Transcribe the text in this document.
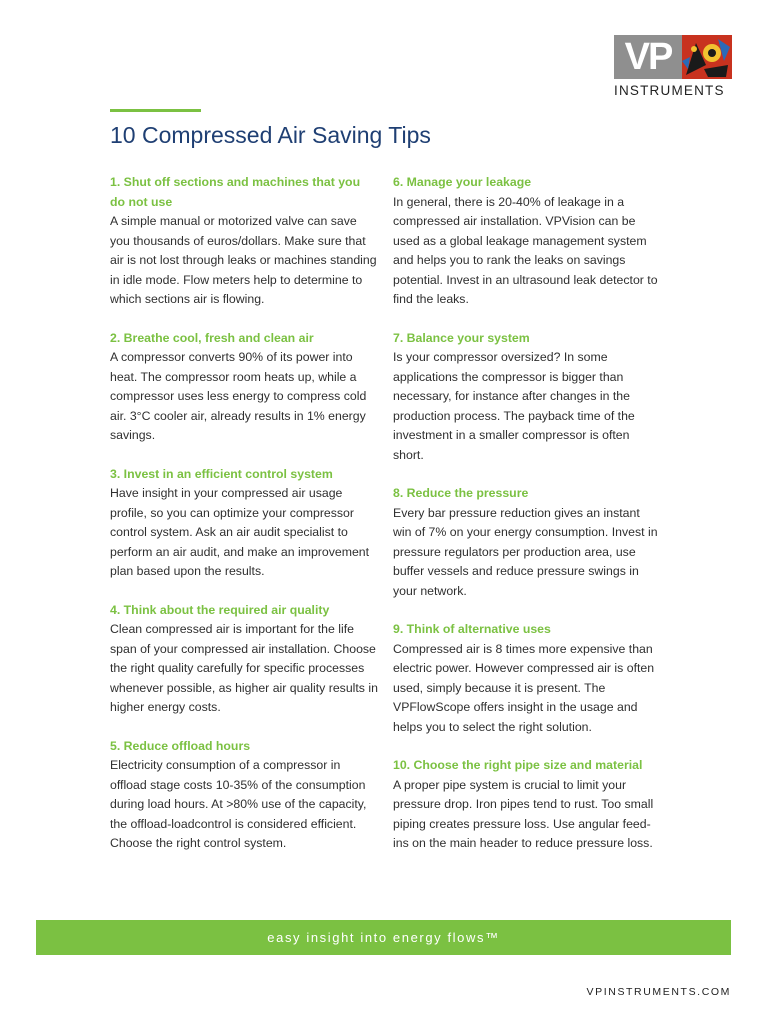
VP
INSTRUMENTS
10 Compressed Air Saving Tips
1. Shut off sections and machines that you do not use

A simple manual or motorized valve can save you thousands of euros/dollars. Make sure that air is not lost through leaks or machines standing in idle mode. Flow meters help to determine to which sections air is flowing.

2. Breathe cool, fresh and clean air

A compressor converts 90% of its power into heat. The compressor room heats up, while a compressor uses less energy to compress cold air. 3°C cooler air, already results in 1% energy savings.

3. Invest in an efficient control system

Have insight in your compressed air usage profile, so you can optimize your compressor control system. Ask an air audit specialist to perform an air audit, and make an improvement plan based upon the results.

4. Think about the required air quality

Clean compressed air is important for the life span of your compressed air installation. Choose the right quality carefully for specific processes whenever possible, as higher air quality results in higher energy costs.

5. Reduce offload hours

Electricity consumption of a compressor in offload stage costs 10-35% of the consumption during load hours. At >80% use of the capacity, the offload-loadcontrol is considered efficient. Choose the right control system.

6. Manage your leakage

In general, there is 20-40% of leakage in a compressed air installation. VPVision can be used as a global leakage management system and helps you to rank the leaks on savings potential. Invest in an ultrasound leak detector to find the leaks.

7. Balance your system

Is your compressor oversized? In some applications the compressor is bigger than necessary, for instance after changes in the production process. The payback time of the investment in a smaller compressor is often short.

8. Reduce the pressure

Every bar pressure reduction gives an instant win of 7% on your energy consumption. Invest in pressure regulators per production area, use buffer vessels and reduce pressure swings in your network.

9. Think of alternative uses

Compressed air is 8 times more expensive than electric power. However compressed air is often used, simply because it is present. The VPFlowScope offers insight in the usage and helps you to select the right solution.

10. Choose the right pipe size and material

A proper pipe system is crucial to limit your pressure drop. Iron pipes tend to rust. Too small piping creates pressure loss. Use angular feed-ins on the main header to reduce pressure loss.

easy insight into energy flows™
VPINSTRUMENTS.COM
